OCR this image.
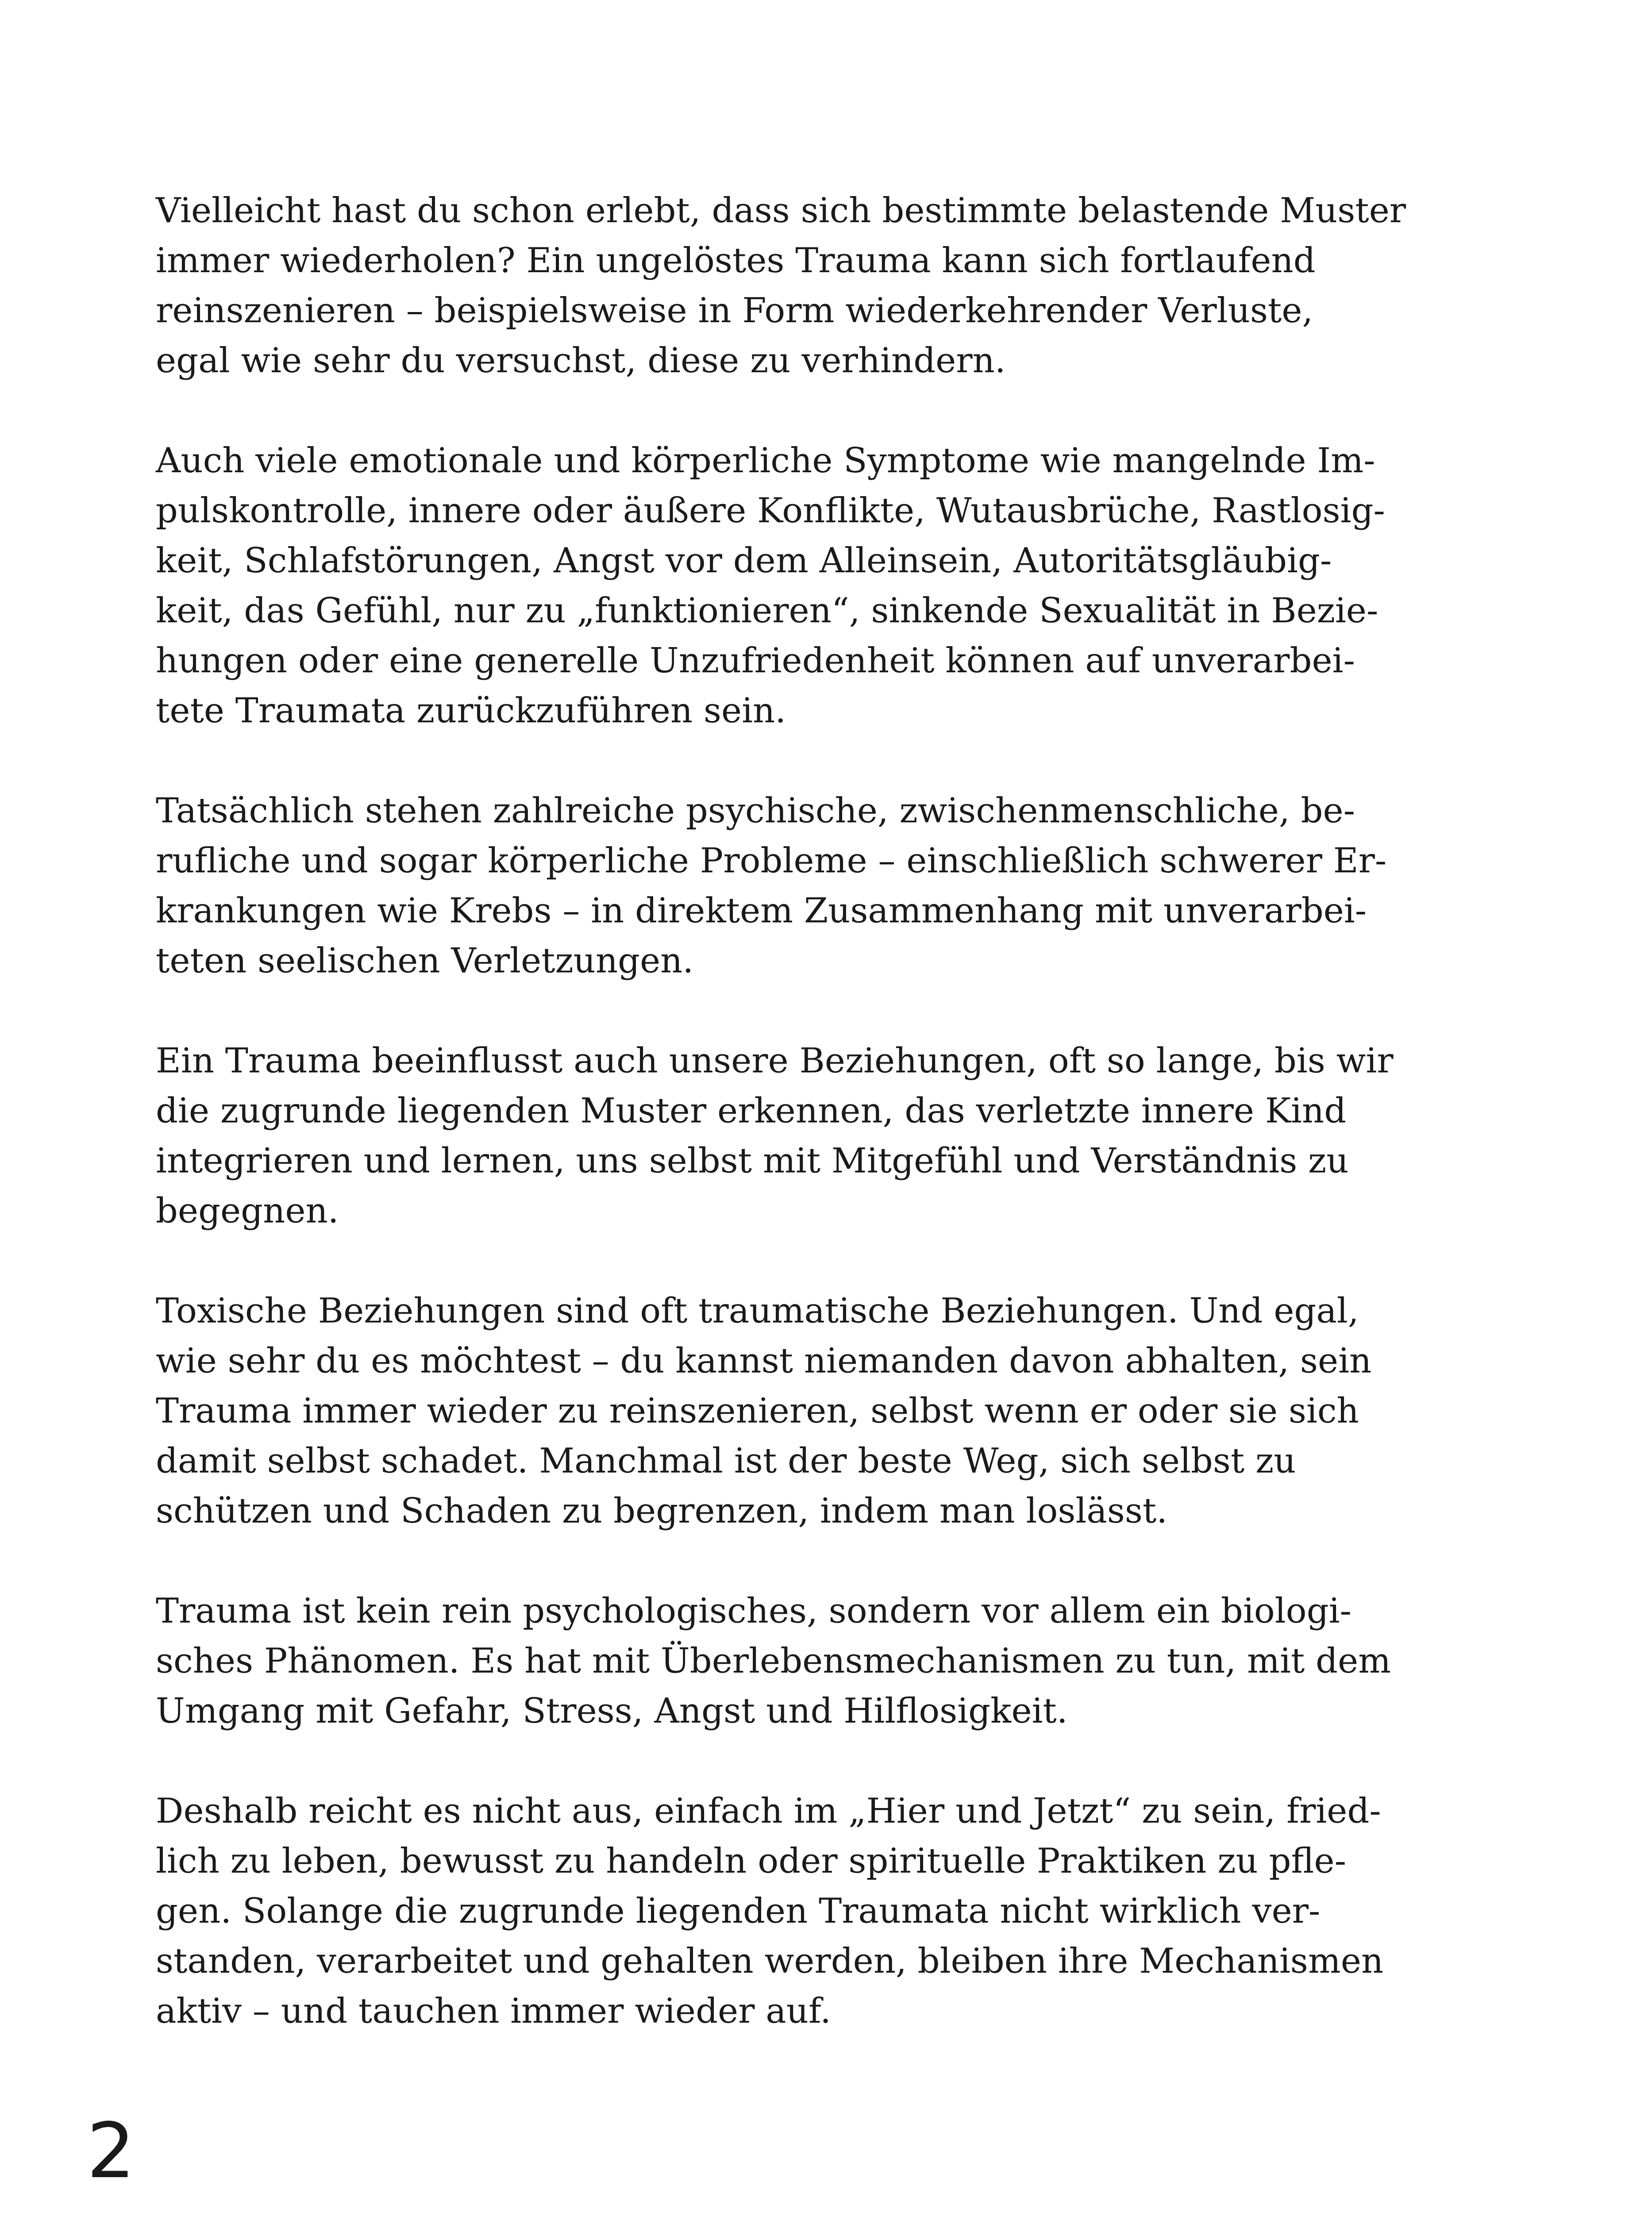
Vielleicht hast du schon erlebt, dass sich bestimmte belastende Muster
immer wiederholen? Ein ungelöstes Trauma kann sich fortlaufend
reinszenieren – beispielsweise in Form wiederkehrender Verluste,
egal wie sehr du versuchst, diese zu verhindern.

Auch viele emotionale und körperliche Symptome wie mangelnde Im-
pulskontrolle, innere oder äußere Konflikte, Wutausbrüche, Rastlosig-
keit, Schlafstörungen, Angst vor dem Alleinsein, Autoritätsgläubig-
keit, das Gefühl, nur zu „funktionieren“, sinkende Sexualität in Bezie-
hungen oder eine generelle Unzufriedenheit können auf unverarbei-
tete Traumata zurückzuführen sein.

Tatsächlich stehen zahlreiche psychische, zwischenmenschliche, be-
rufliche und sogar körperliche Probleme – einschließlich schwerer Er-
krankungen wie Krebs – in direktem Zusammenhang mit unverarbei-
teten seelischen Verletzungen.

Ein Trauma beeinflusst auch unsere Beziehungen, oft so lange, bis wir
die zugrunde liegenden Muster erkennen, das verletzte innere Kind
integrieren und lernen, uns selbst mit Mitgefühl und Verständnis zu
begegnen.

Toxische Beziehungen sind oft traumatische Beziehungen. Und egal,
wie sehr du es möchtest – du kannst niemanden davon abhalten, sein
Trauma immer wieder zu reinszenieren, selbst wenn er oder sie sich
damit selbst schadet. Manchmal ist der beste Weg, sich selbst zu
schützen und Schaden zu begrenzen, indem man loslässt.

Trauma ist kein rein psychologisches, sondern vor allem ein biologi-
sches Phänomen. Es hat mit Überlebensmechanismen zu tun, mit dem
Umgang mit Gefahr, Stress, Angst und Hilflosigkeit.

Deshalb reicht es nicht aus, einfach im „Hier und Jetzt“ zu sein, fried-
lich zu leben, bewusst zu handeln oder spirituelle Praktiken zu pfle-
gen. Solange die zugrunde liegenden Traumata nicht wirklich ver-
standen, verarbeitet und gehalten werden, bleiben ihre Mechanismen
aktiv – und tauchen immer wieder auf.

2
